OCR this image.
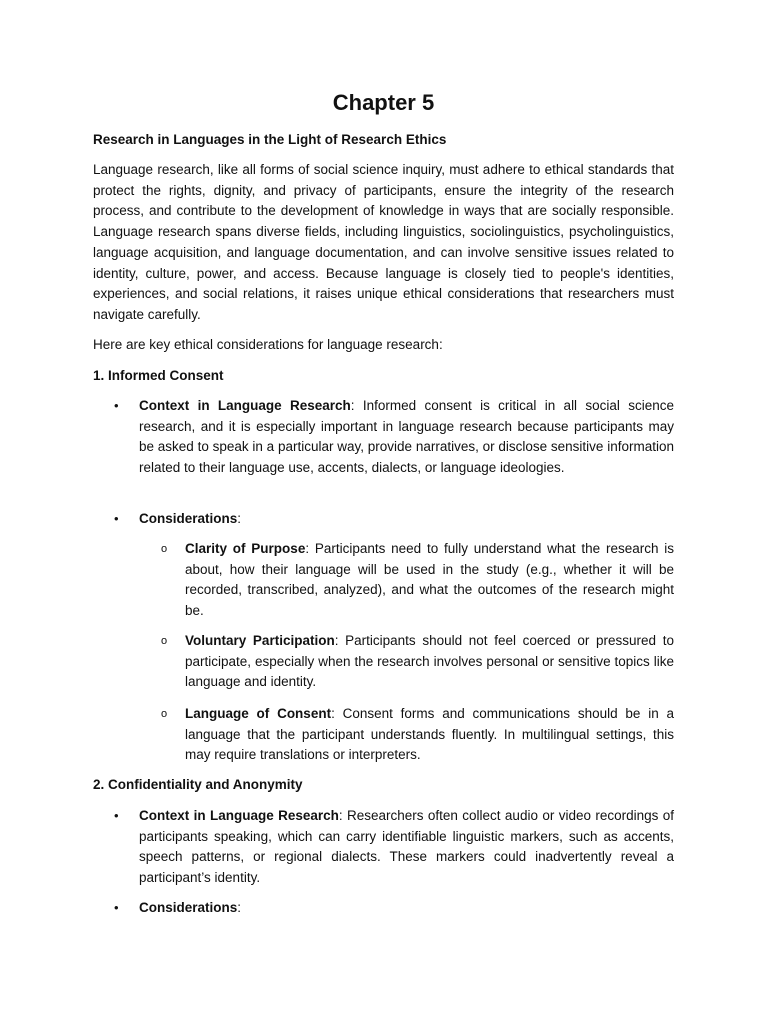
Chapter 5
Research in Languages in the Light of Research Ethics

Language research, like all forms of social science inquiry, must adhere to ethical standards that protect the rights, dignity, and privacy of participants, ensure the integrity of the research process, and contribute to the development of knowledge in ways that are socially responsible. Language research spans diverse fields, including linguistics, sociolinguistics, psycholinguistics, language acquisition, and language documentation, and can involve sensitive issues related to identity, culture, power, and access. Because language is closely tied to people's identities, experiences, and social relations, it raises unique ethical considerations that researchers must navigate carefully.

Here are key ethical considerations for language research:

1. Informed Consent
• Context in Language Research: Informed consent is critical in all social science research, and it is especially important in language research because participants may be asked to speak in a particular way, provide narratives, or disclose sensitive information related to their language use, accents, dialects, or language ideologies.

• Considerations:

o Clarity of Purpose: Participants need to fully understand what the research is about, how their language will be used in the study (e.g., whether it will be recorded, transcribed, analyzed), and what the outcomes of the research might be.

o Voluntary Participation: Participants should not feel coerced or pressured to participate, especially when the research involves personal or sensitive topics like language and identity.

o Language of Consent: Consent forms and communications should be in a language that the participant understands fluently. In multilingual settings, this may require translations or interpreters.

2. Confidentiality and Anonymity
• Context in Language Research: Researchers often collect audio or video recordings of participants speaking, which can carry identifiable linguistic markers, such as accents, speech patterns, or regional dialects. These markers could inadvertently reveal a participant’s identity.

• Considerations:
